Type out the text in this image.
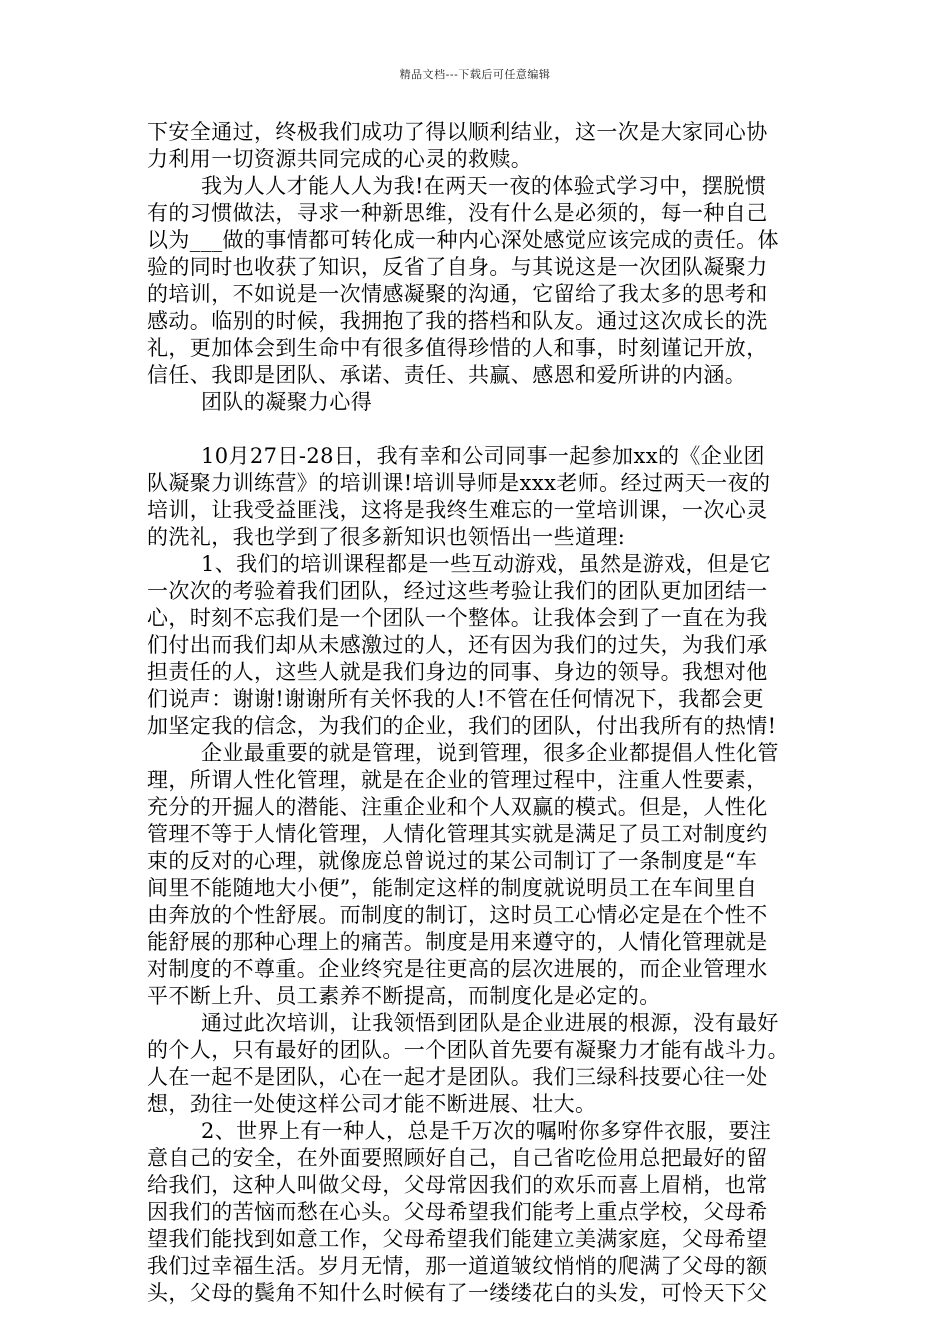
精品文档---下载后可任意编辑
下安全通过，终极我们成功了得以顺利结业，这一次是大家同心协
力利用一切资源共同完成的心灵的救赎。
我为人人才能人人为我!在两天一夜的体验式学习中，摆脱惯
有的习惯做法，寻求一种新思维，没有什么是必须的，每一种自己
以为___做的事情都可转化成一种内心深处感觉应该完成的责任。体
验的同时也收获了知识，反省了自身。与其说这是一次团队凝聚力
的培训，不如说是一次情感凝聚的沟通，它留给了我太多的思考和
感动。临别的时候，我拥抱了我的搭档和队友。通过这次成长的洗
礼，更加体会到生命中有很多值得珍惜的人和事，时刻谨记开放，
信任、我即是团队、承诺、责任、共赢、感恩和爱所讲的内涵。
团队的凝聚力心得
10月27日-28日，我有幸和公司同事一起参加xx的《企业团
队凝聚力训练营》的培训课!培训导师是xxx老师。经过两天一夜的
培训，让我受益匪浅，这将是我终生难忘的一堂培训课，一次心灵
的洗礼，我也学到了很多新知识也领悟出一些道理:
1、我们的培训课程都是一些互动游戏，虽然是游戏，但是它
一次次的考验着我们团队，经过这些考验让我们的团队更加团结一
心，时刻不忘我们是一个团队一个整体。让我体会到了一直在为我
们付出而我们却从未感激过的人，还有因为我们的过失，为我们承
担责任的人，这些人就是我们身边的同事、身边的领导。我想对他
们说声：谢谢!谢谢所有关怀我的人!不管在任何情况下，我都会更
加坚定我的信念，为我们的企业，我们的团队，付出我所有的热情!
企业最重要的就是管理，说到管理，很多企业都提倡人性化管
理，所谓人性化管理，就是在企业的管理过程中，注重人性要素，
充分的开掘人的潜能、注重企业和个人双赢的模式。但是，人性化
管理不等于人情化管理，人情化管理其实就是满足了员工对制度约
束的反对的心理，就像庞总曾说过的某公司制订了一条制度是“车
间里不能随地大小便”，能制定这样的制度就说明员工在车间里自
由奔放的个性舒展。而制度的制订，这时员工心情必定是在个性不
能舒展的那种心理上的痛苦。制度是用来遵守的，人情化管理就是
对制度的不尊重。企业终究是往更高的层次进展的，而企业管理水
平不断上升、员工素养不断提高，而制度化是必定的。
通过此次培训，让我领悟到团队是企业进展的根源，没有最好
的个人，只有最好的团队。一个团队首先要有凝聚力才能有战斗力。
人在一起不是团队，心在一起才是团队。我们三绿科技要心往一处
想，劲往一处使这样公司才能不断进展、壮大。
2、世界上有一种人，总是千万次的嘱咐你多穿件衣服，要注
意自己的安全，在外面要照顾好自己，自己省吃俭用总把最好的留
给我们，这种人叫做父母，父母常因我们的欢乐而喜上眉梢，也常
因我们的苦恼而愁在心头。父母希望我们能考上重点学校，父母希
望我们能找到如意工作，父母希望我们能建立美满家庭，父母希望
我们过幸福生活。岁月无情，那一道道皱纹悄悄的爬满了父母的额
头，父母的鬓角不知什么时候有了一缕缕花白的头发，可怜天下父
